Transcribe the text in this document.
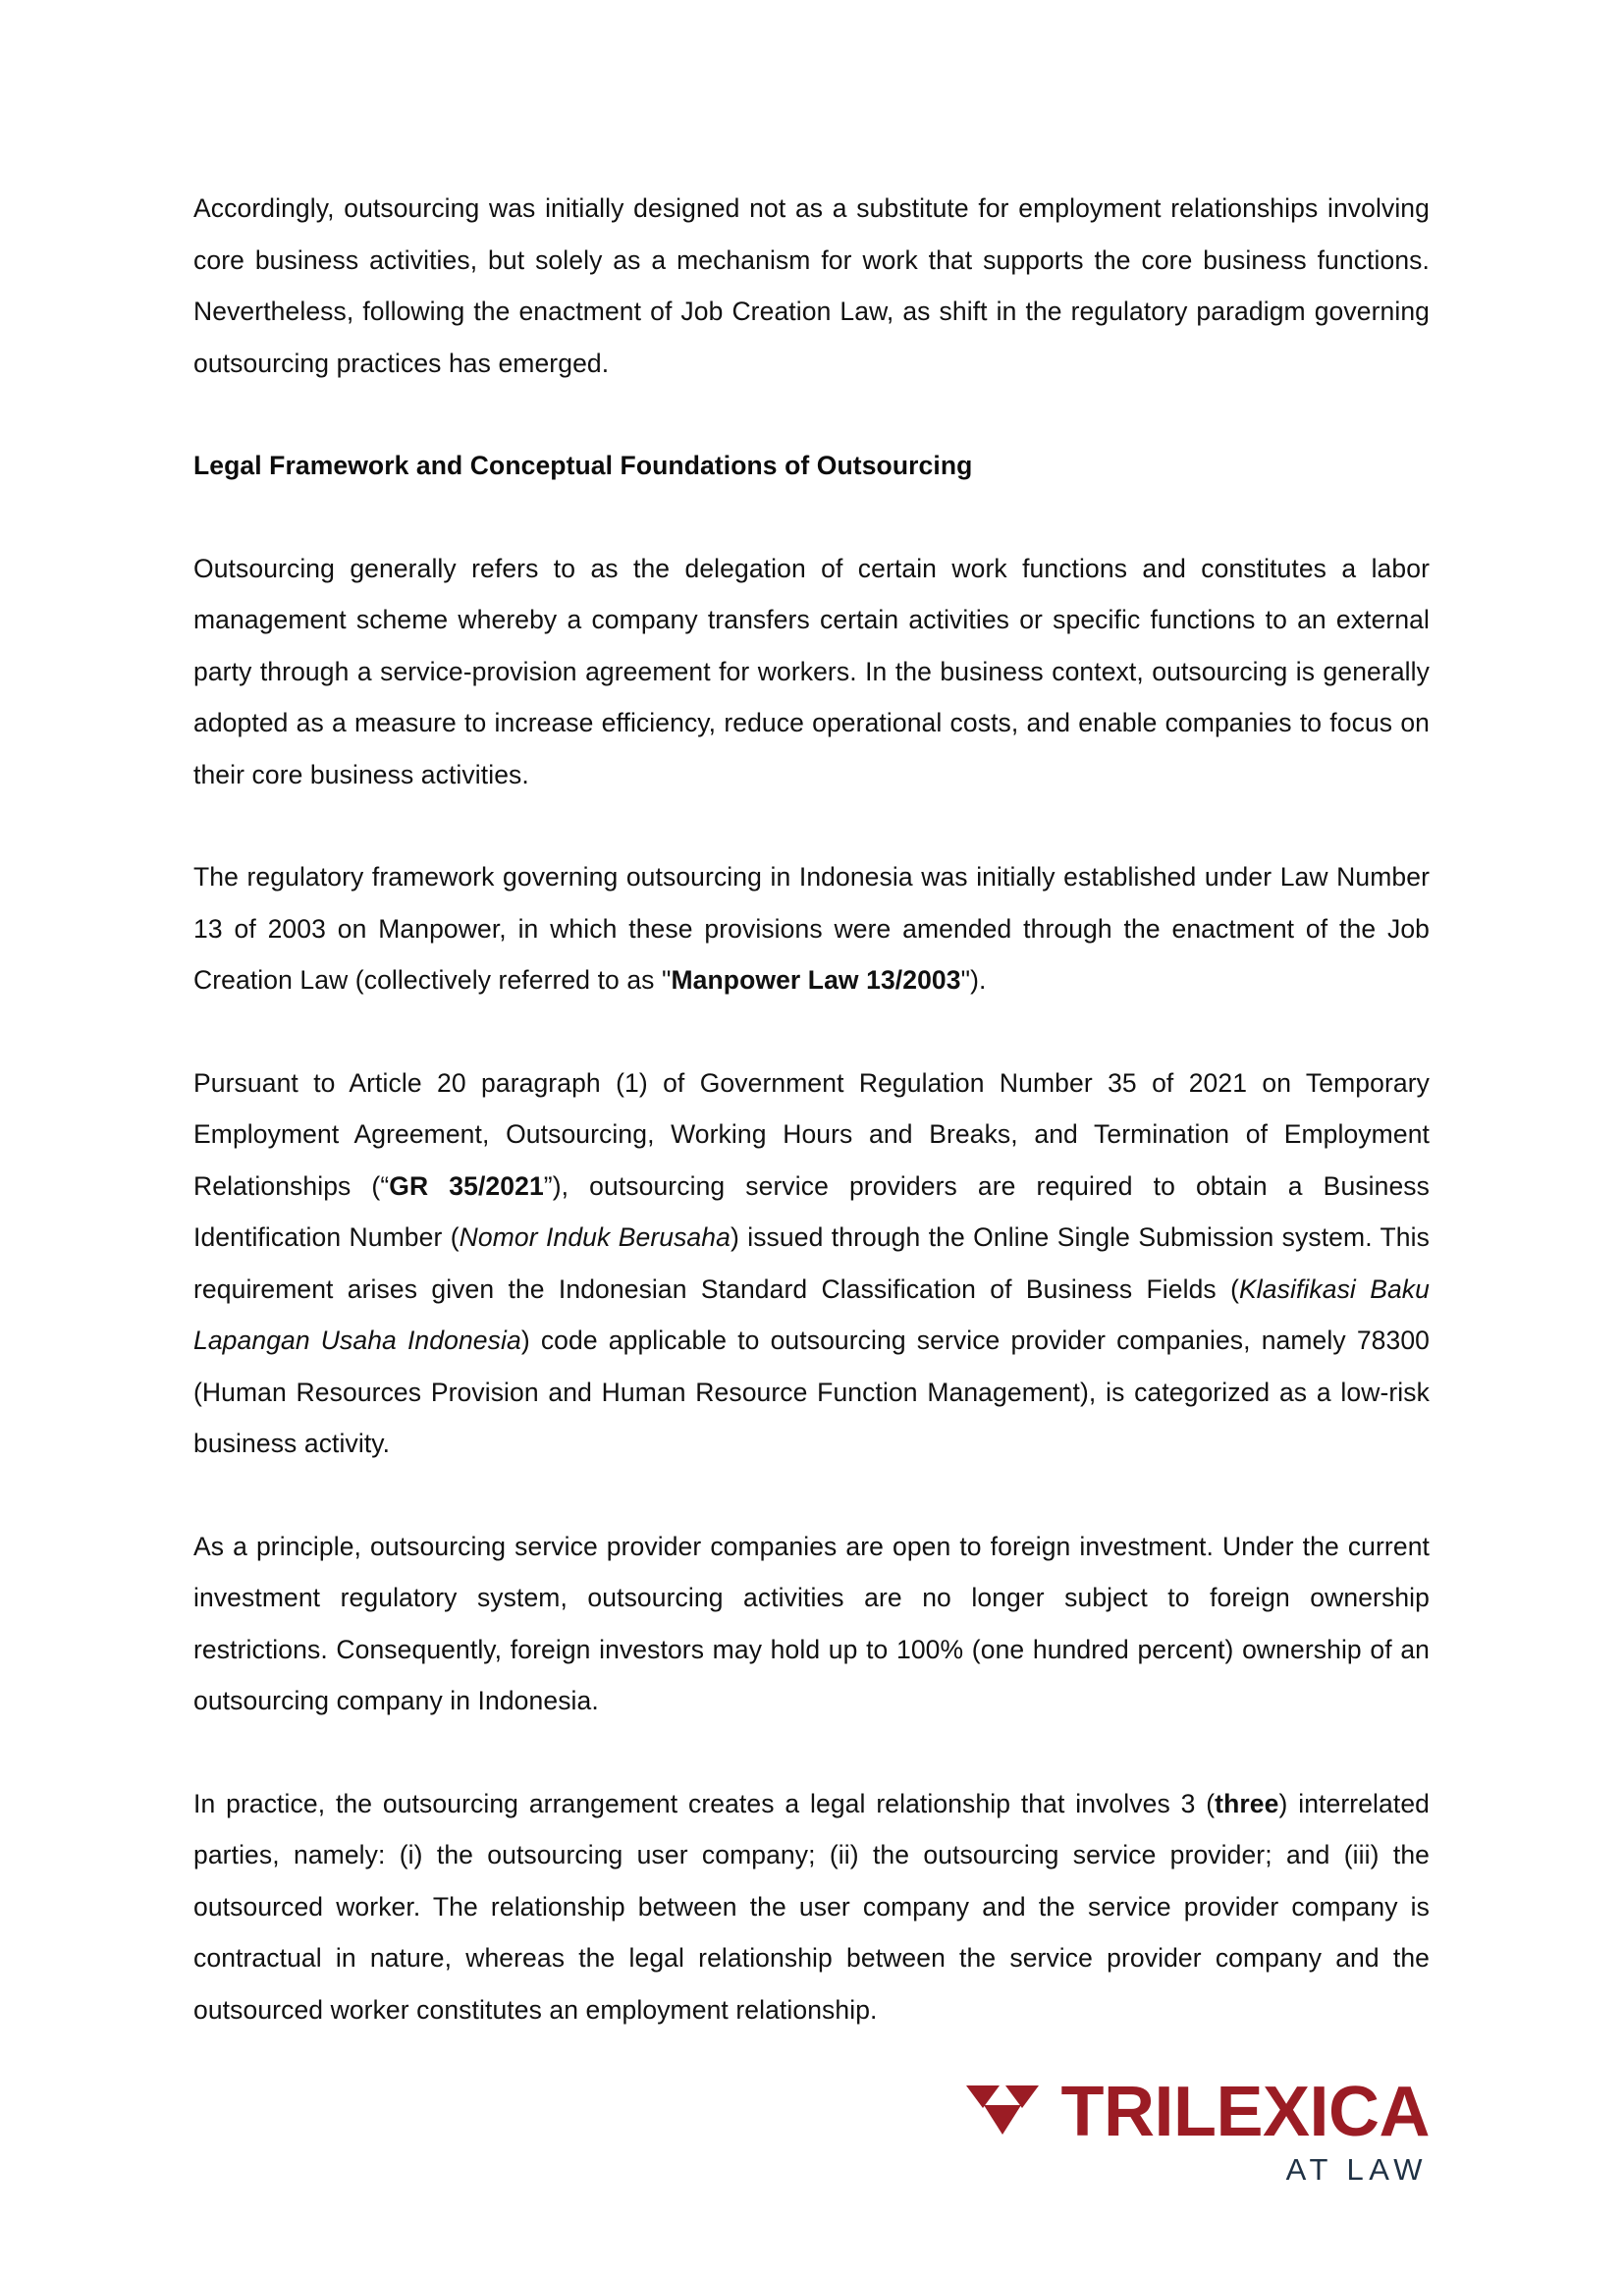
Accordingly, outsourcing was initially designed not as a substitute for employment relationships involving core business activities, but solely as a mechanism for work that supports the core business functions. Nevertheless, following the enactment of Job Creation Law, as shift in the regulatory paradigm governing outsourcing practices has emerged.

Legal Framework and Conceptual Foundations of Outsourcing

Outsourcing generally refers to as the delegation of certain work functions and constitutes a labor management scheme whereby a company transfers certain activities or specific functions to an external party through a service-provision agreement for workers. In the business context, outsourcing is generally adopted as a measure to increase efficiency, reduce operational costs, and enable companies to focus on their core business activities.

The regulatory framework governing outsourcing in Indonesia was initially established under Law Number 13 of 2003 on Manpower, in which these provisions were amended through the enactment of the Job Creation Law (collectively referred to as "Manpower Law 13/2003").

Pursuant to Article 20 paragraph (1) of Government Regulation Number 35 of 2021 on Temporary Employment Agreement, Outsourcing, Working Hours and Breaks, and Termination of Employment Relationships (“GR 35/2021”), outsourcing service providers are required to obtain a Business Identification Number (Nomor Induk Berusaha) issued through the Online Single Submission system. This requirement arises given the Indonesian Standard Classification of Business Fields (Klasifikasi Baku Lapangan Usaha Indonesia) code applicable to outsourcing service provider companies, namely 78300 (Human Resources Provision and Human Resource Function Management), is categorized as a low-risk business activity.

As a principle, outsourcing service provider companies are open to foreign investment. Under the current investment regulatory system, outsourcing activities are no longer subject to foreign ownership restrictions. Consequently, foreign investors may hold up to 100% (one hundred percent) ownership of an outsourcing company in Indonesia.

In practice, the outsourcing arrangement creates a legal relationship that involves 3 (three) interrelated parties, namely: (i) the outsourcing user company; (ii) the outsourcing service provider; and (iii) the outsourced worker. The relationship between the user company and the service provider company is contractual in nature, whereas the legal relationship between the service provider company and the outsourced worker constitutes an employment relationship.

TRILEXICA
AT LAW
